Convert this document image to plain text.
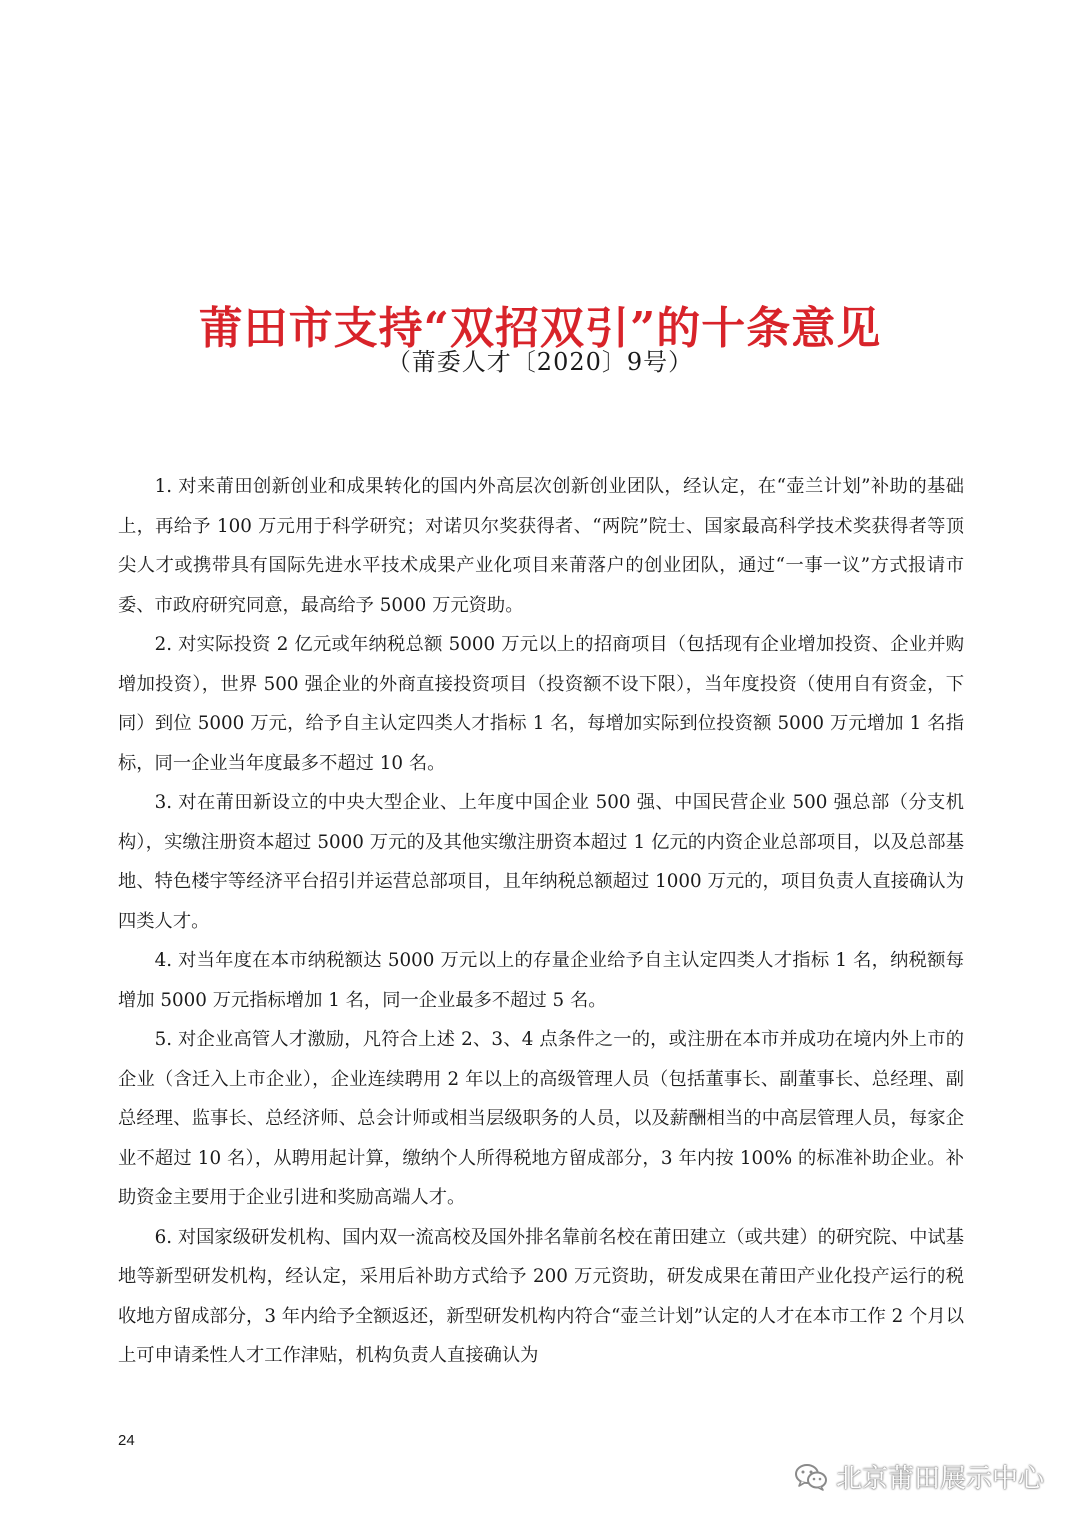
莆田市支持“双招双引”的十条意见
（莆委人才〔2020〕9号）

1. 对来莆田创新创业和成果转化的国内外高层次创新创业团队，经认定，在“壶兰计划”补助的基础上，再给予 100 万元用于科学研究；对诺贝尔奖获得者、“两院”院士、国家最高科学技术奖获得者等顶尖人才或携带具有国际先进水平技术成果产业化项目来莆落户的创业团队，通过“一事一议”方式报请市委、市政府研究同意，最高给予 5000 万元资助。

2. 对实际投资 2 亿元或年纳税总额 5000 万元以上的招商项目（包括现有企业增加投资、企业并购增加投资），世界 500 强企业的外商直接投资项目（投资额不设下限），当年度投资（使用自有资金，下同）到位 5000 万元，给予自主认定四类人才指标 1 名，每增加实际到位投资额 5000 万元增加 1 名指标，同一企业当年度最多不超过 10 名。

3. 对在莆田新设立的中央大型企业、上年度中国企业 500 强、中国民营企业 500 强总部（分支机构），实缴注册资本超过 5000 万元的及其他实缴注册资本超过 1 亿元的内资企业总部项目，以及总部基地、特色楼宇等经济平台招引并运营总部项目，且年纳税总额超过 1000 万元的，项目负责人直接确认为四类人才。

4. 对当年度在本市纳税额达 5000 万元以上的存量企业给予自主认定四类人才指标 1 名，纳税额每增加 5000 万元指标增加 1 名，同一企业最多不超过 5 名。

5. 对企业高管人才激励，凡符合上述 2、3、4 点条件之一的，或注册在本市并成功在境内外上市的企业（含迁入上市企业），企业连续聘用 2 年以上的高级管理人员（包括董事长、副董事长、总经理、副总经理、监事长、总经济师、总会计师或相当层级职务的人员，以及薪酬相当的中高层管理人员，每家企业不超过 10 名），从聘用起计算，缴纳个人所得税地方留成部分，3 年内按 100% 的标准补助企业。补助资金主要用于企业引进和奖励高端人才。

6. 对国家级研发机构、国内双一流高校及国外排名靠前名校在莆田建立（或共建）的研究院、中试基地等新型研发机构，经认定，采用后补助方式给予 200 万元资助，研发成果在莆田产业化投产运行的税收地方留成部分，3 年内给予全额返还，新型研发机构内符合“壶兰计划”认定的人才在本市工作 2 个月以上可申请柔性人才工作津贴，机构负责人直接确认为

24
北京莆田展示中心
